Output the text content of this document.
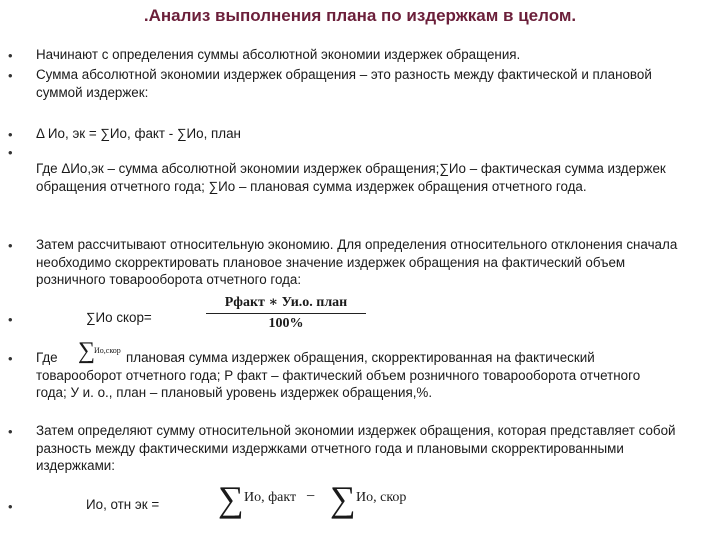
.Анализ выполнения плана по издержкам в целом.
• Начинают с определения суммы абсолютной экономии издержек обращения.
• Сумма абсолютной экономии издержек обращения – это разность между фактической и плановой суммой издержек:
• Δ Ио, эк = ∑Ио, факт - ∑Ио, план
•
Где ΔИо,эк – сумма абсолютной экономии издержек обращения;∑Ио – фактическая сумма издержек обращения отчетного года; ∑Ио – плановая сумма издержек обращения отчетного года.
• Затем рассчитывают относительную экономию. Для определения относительного отклонения сначала необходимо скорректировать плановое значение издержек обращения на фактический объем розничного товарооборота отчетного года:
•	∑Ио скор=
Pфакт ∗ Уи.о. план
100%
• Где ∑
Ио,скор плановая сумма издержек обращения, скорректированная на фактический товарооборот отчетного года; Р факт – фактический объем розничного товарооборота отчетного года; У и. о., план – плановый уровень издержек обращения,%.
• Затем определяют сумму относительной экономии издержек обращения, которая представляет собой разность между фактическими издержками отчетного года и плановыми скорректированными издержками:
•	Ио, отн эк =	∑ Ио, факт − ∑ Ио, скор
